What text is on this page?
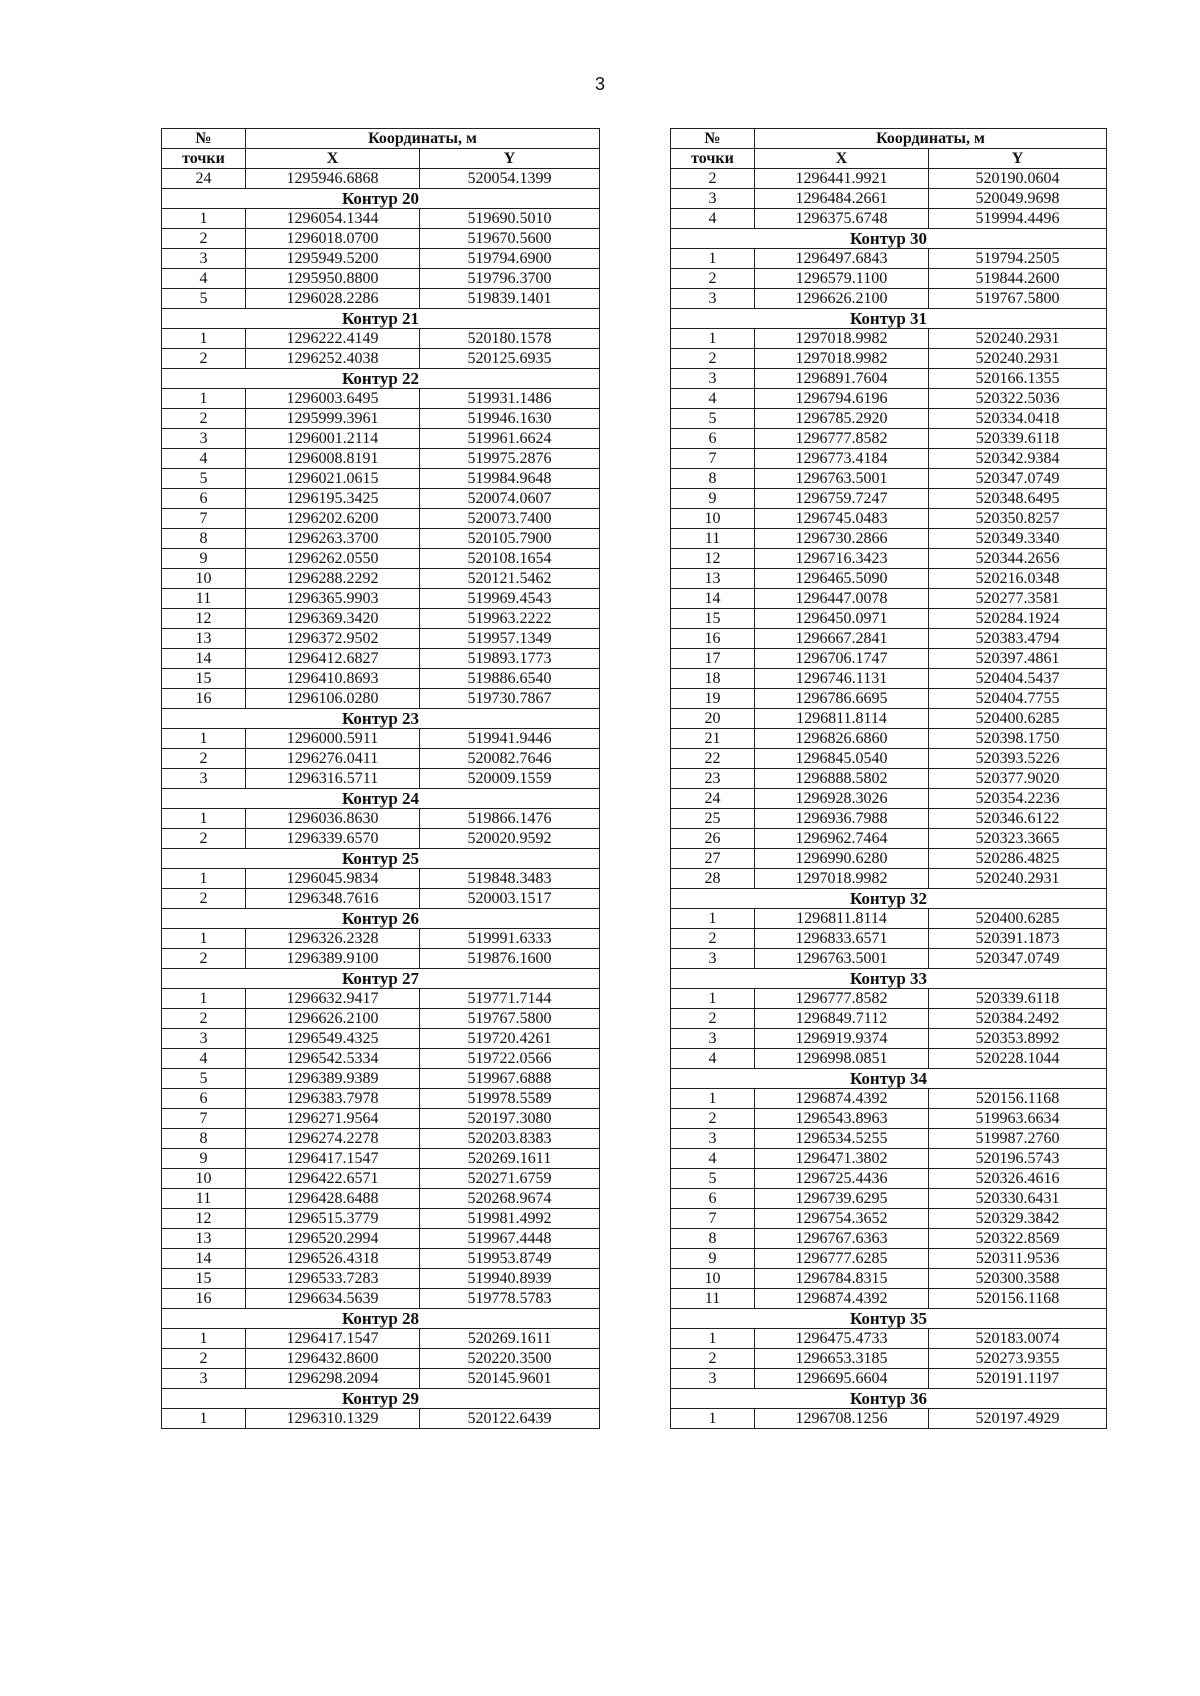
3
№	Координаты, м	
точки	X	Y
24	1295946.6868	520054.1399
Контур 20		
1	1296054.1344	519690.5010
2	1296018.0700	519670.5600
3	1295949.5200	519794.6900
4	1295950.8800	519796.3700
5	1296028.2286	519839.1401
Контур 21		
1	1296222.4149	520180.1578
2	1296252.4038	520125.6935
Контур 22		
1	1296003.6495	519931.1486
2	1295999.3961	519946.1630
3	1296001.2114	519961.6624
4	1296008.8191	519975.2876
5	1296021.0615	519984.9648
6	1296195.3425	520074.0607
7	1296202.6200	520073.7400
8	1296263.3700	520105.7900
9	1296262.0550	520108.1654
10	1296288.2292	520121.5462
11	1296365.9903	519969.4543
12	1296369.3420	519963.2222
13	1296372.9502	519957.1349
14	1296412.6827	519893.1773
15	1296410.8693	519886.6540
16	1296106.0280	519730.7867
Контур 23		
1	1296000.5911	519941.9446
2	1296276.0411	520082.7646
3	1296316.5711	520009.1559
Контур 24		
1	1296036.8630	519866.1476
2	1296339.6570	520020.9592
Контур 25		
1	1296045.9834	519848.3483
2	1296348.7616	520003.1517
Контур 26		
1	1296326.2328	519991.6333
2	1296389.9100	519876.1600
Контур 27		
1	1296632.9417	519771.7144
2	1296626.2100	519767.5800
3	1296549.4325	519720.4261
4	1296542.5334	519722.0566
5	1296389.9389	519967.6888
6	1296383.7978	519978.5589
7	1296271.9564	520197.3080
8	1296274.2278	520203.8383
9	1296417.1547	520269.1611
10	1296422.6571	520271.6759
11	1296428.6488	520268.9674
12	1296515.3779	519981.4992
13	1296520.2994	519967.4448
14	1296526.4318	519953.8749
15	1296533.7283	519940.8939
16	1296634.5639	519778.5783
Контур 28		
1	1296417.1547	520269.1611
2	1296432.8600	520220.3500
3	1296298.2094	520145.9601
Контур 29		
1	1296310.1329	520122.6439
№	Координаты, м	
точки	X	Y
2	1296441.9921	520190.0604
3	1296484.2661	520049.9698
4	1296375.6748	519994.4496
Контур 30		
1	1296497.6843	519794.2505
2	1296579.1100	519844.2600
3	1296626.2100	519767.5800
Контур 31		
1	1297018.9982	520240.2931
2	1297018.9982	520240.2931
3	1296891.7604	520166.1355
4	1296794.6196	520322.5036
5	1296785.2920	520334.0418
6	1296777.8582	520339.6118
7	1296773.4184	520342.9384
8	1296763.5001	520347.0749
9	1296759.7247	520348.6495
10	1296745.0483	520350.8257
11	1296730.2866	520349.3340
12	1296716.3423	520344.2656
13	1296465.5090	520216.0348
14	1296447.0078	520277.3581
15	1296450.0971	520284.1924
16	1296667.2841	520383.4794
17	1296706.1747	520397.4861
18	1296746.1131	520404.5437
19	1296786.6695	520404.7755
20	1296811.8114	520400.6285
21	1296826.6860	520398.1750
22	1296845.0540	520393.5226
23	1296888.5802	520377.9020
24	1296928.3026	520354.2236
25	1296936.7988	520346.6122
26	1296962.7464	520323.3665
27	1296990.6280	520286.4825
28	1297018.9982	520240.2931
Контур 32		
1	1296811.8114	520400.6285
2	1296833.6571	520391.1873
3	1296763.5001	520347.0749
Контур 33		
1	1296777.8582	520339.6118
2	1296849.7112	520384.2492
3	1296919.9374	520353.8992
4	1296998.0851	520228.1044
Контур 34		
1	1296874.4392	520156.1168
2	1296543.8963	519963.6634
3	1296534.5255	519987.2760
4	1296471.3802	520196.5743
5	1296725.4436	520326.4616
6	1296739.6295	520330.6431
7	1296754.3652	520329.3842
8	1296767.6363	520322.8569
9	1296777.6285	520311.9536
10	1296784.8315	520300.3588
11	1296874.4392	520156.1168
Контур 35		
1	1296475.4733	520183.0074
2	1296653.3185	520273.9355
3	1296695.6604	520191.1197
Контур 36		
1	1296708.1256	520197.4929
